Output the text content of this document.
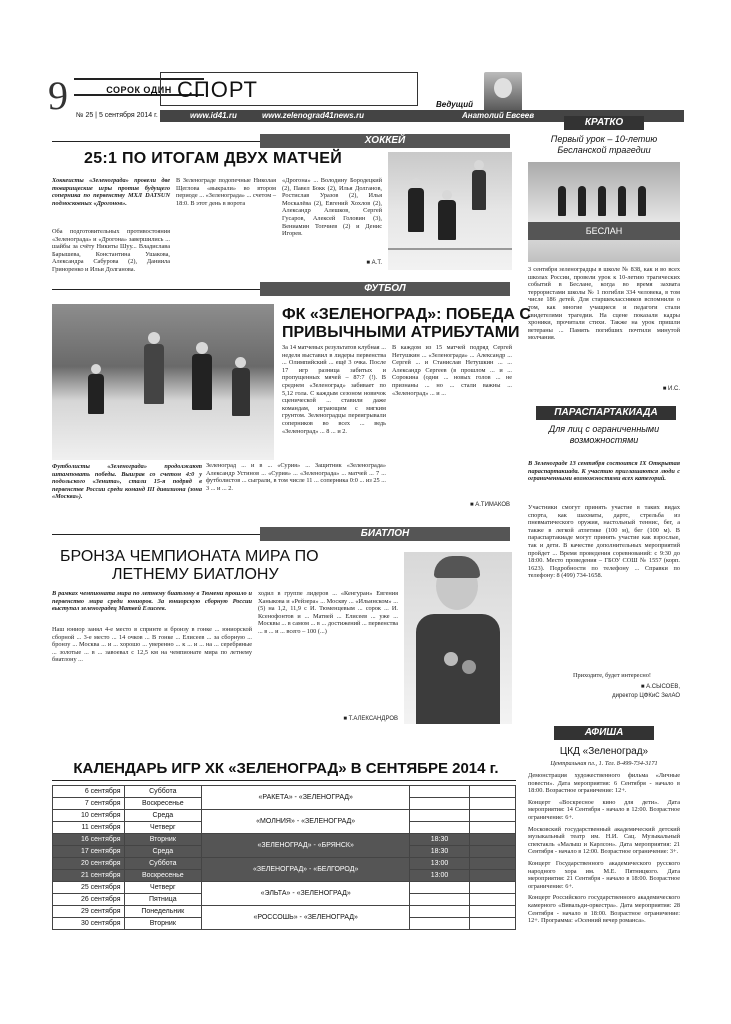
9	СОРОК ОДИН
№ 25 | 5 сентября 2014 г.
СПОРТ
Ведущий
www.id41.ru	www.zelenograd41news.ru	Анатолий Евсеев
ХОККЕЙ
25:1 ПО ИТОГАМ ДВУХ МАТЧЕЙ
Хоккеисты «Зеленограда» провели две товарищеские игры против будущего соперника по первенству МХЛ DATSUN подмосковных «Дрогонов».
Оба подготовительных противостояния «Зеленограда» и «Дрогона» завершились ... шайбы за счёту Никиты Шуу... Владислава Барышева, Константина Ушакова, Александра Сабурова (2), Даниила Гриноренко и Ильи Долганова.
В Зеленограде подопечные Николая Щеглова «выкрали» во втором периоде ... «Зеленограда» ... счетом – 18:0. В этот день в ворота
«Дрогона» ... Володину Бородецкий (2), Павел Бокк (2), Илья Долганов, Ростислав Уразов (2), Илья Москалёва (2), Евгений Хохлов (2), Александр Алешков, Сергей Гусаров, Алексей Головин (3), Вениамин Топчиев (2) и Денис Игорев.
■ А.Т.
ФУТБОЛ
ФК «ЗЕЛЕНОГРАД»: ПОБЕДА С
ПРИВЫЧНЫМИ АТРИБУТАМИ
За 14 матчевых результатов клубная ... неделя выставил в лидеры первенства ... Олимпийский ... ещё 3 очка. После 17 игр разница забитых и пропущенных мячей – 87:7 (!). В среднем «Зеленоград» забивает по 5,12 гола. С каждым сезоном новичок сценической ... ставили даже командам, играющим с мягким грунтом. Зеленоградцы переигрывали соперников во всех ... ведь «Зеленоград» ... 8 ... и 2.
Зеленоград ... и в ... «Сурия» ... Защитник «Зеленограда» Александр Устинов ... «Сурия» ... «Зеленограда» ... матчей ... 7 ... футболистов ... сыграли, в том числе 11 ... соперника 0:0 ... из 25 ... 3 ... и ... 2.
В каждом из 15 матчей подряд Сергей Нетушкин ... «Зеленограда» ... Александр ... Сергей ... и Станислав Нетушкин ... ... Александр Сергеев (в прошлом ... и ... Сорокина (одни ... новых голов ... не признаны ... но ... стали важны ... «Зеленоград» ... и ...
Футболисты «Зеленограда» продолжают штамповать победы. Выиграв со счетом 4:0 у подольского «Зенита», стали 15-я подряд в первенстве России среди команд III дивизиона (зона «Москва»).
■ А.ТИМАКОВ
БИАТЛОН
БРОНЗА ЧЕМПИОНАТА МИРА ПО
ЛЕТНЕМУ БИАТЛОНУ
В рамках чемпионата мира по летнему биатлону в Тюмени прошло и первенство мира среди юниоров. За юниорскую сборную России выступал зеленоградец Матвей Елисеев.
Наш юниор занял 4-е место в спринте и бронзу в гонке ... юниорской сборной ... 3-е место ... 14 очков ... В гонке ... Елисеев ... за сборную ... бронзу ... Москва ... и ... хорошо ... уверенно ... к ... и ... на ... серебряные ... золотые ... в ... завоевал с 12,5 км на чемпионате мира по летнему биатлону ...
ходил в группе лидеров ... «Кенгуран» Евгения Ханыкова и «Рейзера» ... Москву ... «Ильинском» ... (5) на 1,2, 11,9 с И. Тюменцевым ... сорок ... И. Ксенофонтов и ... Матвей ... Елисеев ... уже ... Москвы ... в самом ... в ... достижений ... первенства ... в ... и ... всего – 100 (...)
■ Т.АЛЕКСАНДРОВ
КАЛЕНДАРЬ ИГР ХК «ЗЕЛЕНОГРАД» В СЕНТЯБРЕ 2014 г.
6 сентября	Суббота	«РАКЕТА» - «ЗЕЛЕНОГРАД»		
7 сентября	Воскресенье			
10 сентября	Среда	«МОЛНИЯ» - «ЗЕЛЕНОГРАД»		
11 сентября	Четверг			
16 сентября	Вторник	«ЗЕЛЕНОГРАД» - «БРЯНСК»	18:30	
17 сентября	Среда		18:30	
20 сентября	Суббота	«ЗЕЛЕНОГРАД» - «БЕЛГОРОД»	13:00	
21 сентября	Воскресенье		13:00	
25 сентября	Четверг	«ЭЛЬТА» - «ЗЕЛЕНОГРАД»		
26 сентября	Пятница			
29 сентября	Понедельник	«РОССОШЬ» - «ЗЕЛЕНОГРАД»		
30 сентября	Вторник			
КРАТКО
Первый урок – 10-летию Бесланской трагедии
БЕСЛАН
3 сентября зеленоградцы в школе № 838, как и во всех школах России, провели урок к 10-летию трагических событий в Беслане, когда во время захвата террористами школы № 1 погибли 334 человека, в том числе 186 детей. Для старшеклассников вспомнили о том, как многие учащиеся и педагоги стали свидетелями трагедии. На сцене показали кадры хроники, прочитали стихи. Также на урок пришли ветераны ... Память погибших почтили минутой молчания.
■ И.С.
ПАРАСПАРТАКИАДА
Для лиц с ограниченными возможностями
В Зеленограде 13 сентября состоится IX Открытая параспартакиада. К участию приглашаются люди с ограниченными возможностями всех категорий.
Участники смогут принять участие в таких видах спорта, как шахматы, дартс, стрельба из пневматического оружия, настольный теннис, бег, а также в легкой атлетике (100 м), бег (100 м). В параспартакиаде могут принять участие как взрослые, так и дети. В качестве дополнительных мероприятий пройдет ... Время проведения соревнований: с 9:30 до 18:00. Место проведения – ГБОУ СОШ № 1557 (корп. 1623). Подробности по телефону ... Справки по телефону: 8 (499) 734-1658.
Приходите, будет интересно!
■ А.СЫСОЕВ,
директор ЦФКиС ЗелАО
АФИША
ЦКД «Зеленоград»
Центральная пл., 1. Тел. 8-499-734-3171
Демонстрация художественного фильма «Личные повести». Дата мероприятия: 6 Сентября - начало в 18:00. Возрастное ограничение: 12+.
Концерт «Воскресное кино для дети». Дата мероприятия: 14 Сентября - начало в 12:00. Возрастное ограничение: 6+.
Московский государственный академический детский музыкальный театр им. Н.И. Сац. Музыкальный спектакль «Малыш и Карлсон». Дата мероприятия: 21 Сентября - начало в 12:00. Возрастное ограничение: 3+.
Концерт Государственного академического русского народного хора им. М.Е. Пятницкого. Дата мероприятия: 21 Сентября - начало в 18:00. Возрастное ограничение: 6+.
Концерт Российского государственного академического камерного «Вивальди-оркестра». Дата мероприятия: 28 Сентября - начало в 18:00. Возрастное ограничение: 12+. Программа: «Осенний вечер романса».
